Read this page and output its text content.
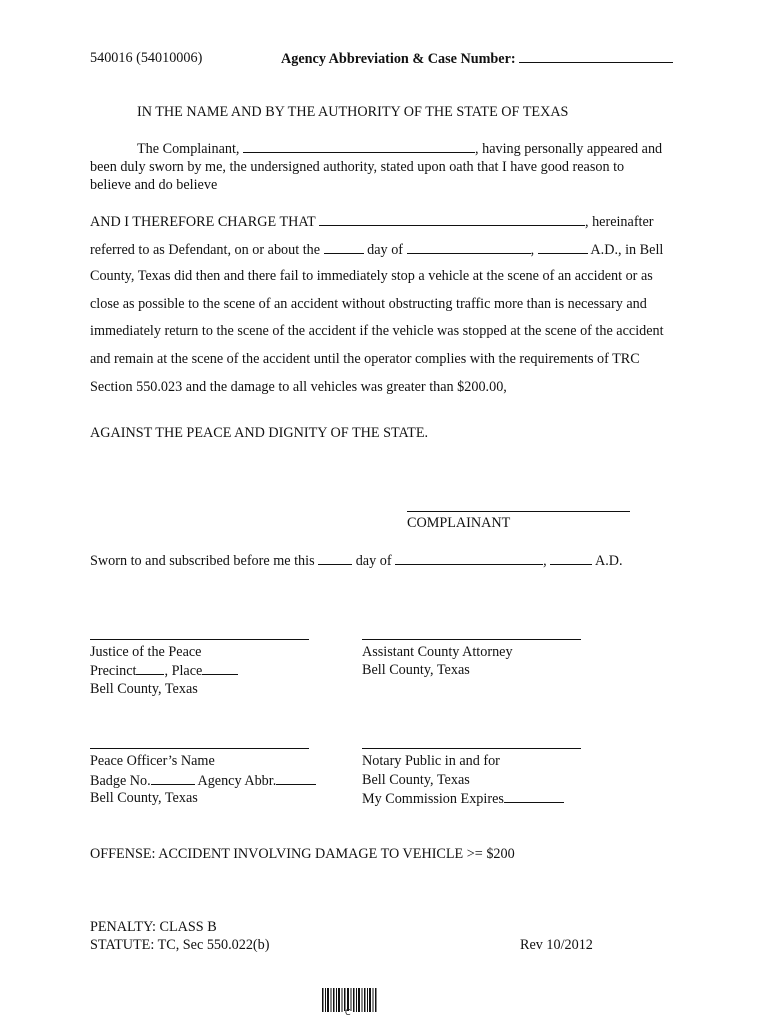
540016 (54010006)	Agency Abbreviation & Case Number:
IN THE NAME AND BY THE AUTHORITY OF THE STATE OF TEXAS
The Complainant,	, having personally appeared and
been duly sworn by me, the undersigned authority, stated upon oath that I have good reason to
believe and do believe
AND I THEREFORE CHARGE THAT	, hereinafter
referred to as Defendant, on or about the	day of	,	A.D., in Bell
County, Texas did then and there fail to immediately stop a vehicle at the scene of an accident or as
close as possible to the scene of an accident without obstructing traffic more than is necessary and
immediately return to the scene of the accident if the vehicle was stopped at the scene of the accident
and remain at the scene of the accident until the operator complies with the requirements of TRC
Section 550.023 and the damage to all vehicles was greater than $200.00,
AGAINST THE PEACE AND DIGNITY OF THE STATE.
COMPLAINANT
Sworn to and subscribed before me this	day of	,	A.D.
Justice of the Peace
Precinct , Place
Bell County, Texas
Assistant County Attorney
Bell County, Texas
Peace Officer’s Name
Badge No.	Agency Abbr.
Bell County, Texas
Notary Public in and for
Bell County, Texas
My Commission Expires
OFFENSE: ACCIDENT INVOLVING DAMAGE TO VEHICLE >= $200
PENALTY: CLASS B
STATUTE: TC, Sec 550.022(b)	Rev 10/2012
C
